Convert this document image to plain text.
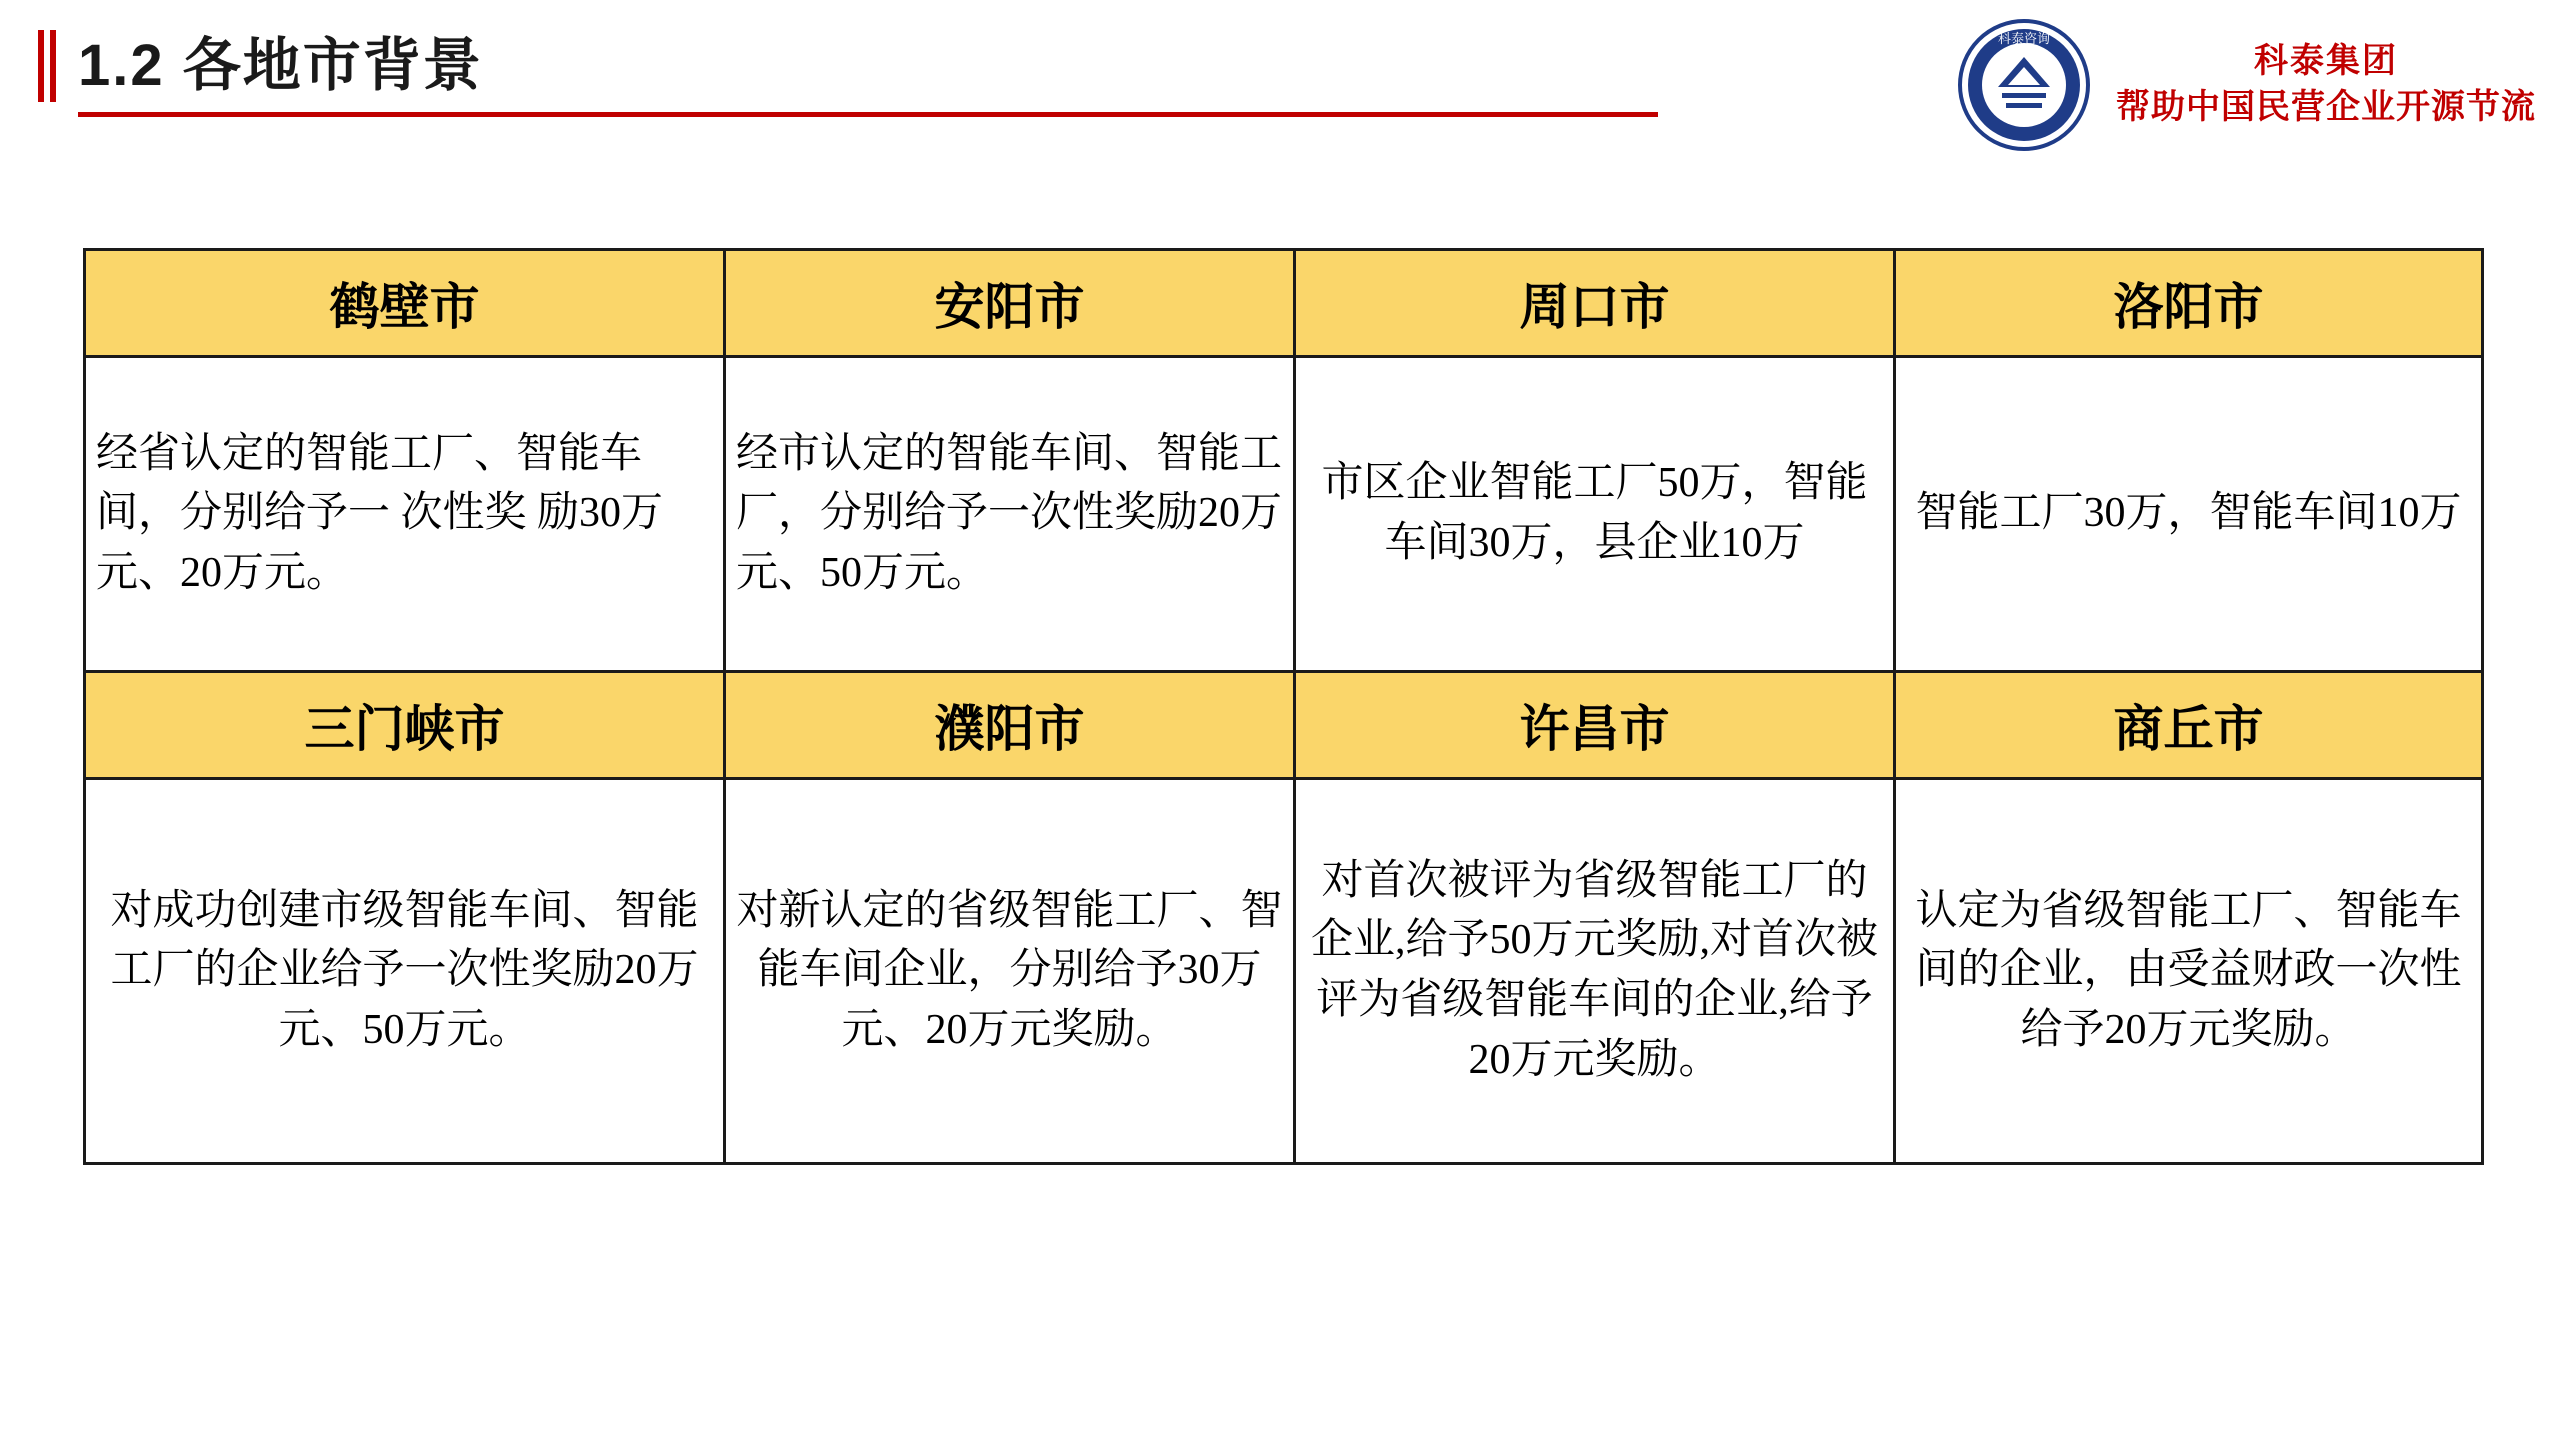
1.2 各地市背景	科泰咨询
科泰集团
帮助中国民营企业开源节流
鹤壁市	安阳市	周口市	洛阳市
经省认定的智能工厂、智能车间，分别给予一 次性奖 励30万元、20万元。	经市认定的智能车间、智能工厂，分别给予一次性奖励20万元、50万元。	市区企业智能工厂50万，智能车间30万，县企业10万	智能工厂30万，智能车间10万
三门峡市	濮阳市	许昌市	商丘市
对成功创建市级智能车间、智能工厂的企业给予一次性奖励20万元、50万元。	对新认定的省级智能工厂、智能车间企业，分别给予30万元、20万元奖励。	对首次被评为省级智能工厂的企业,给予50万元奖励,对首次被评为省级智能车间的企业,给予20万元奖励。	认定为省级智能工厂、智能车间的企业，由受益财政一次性给予20万元奖励。
